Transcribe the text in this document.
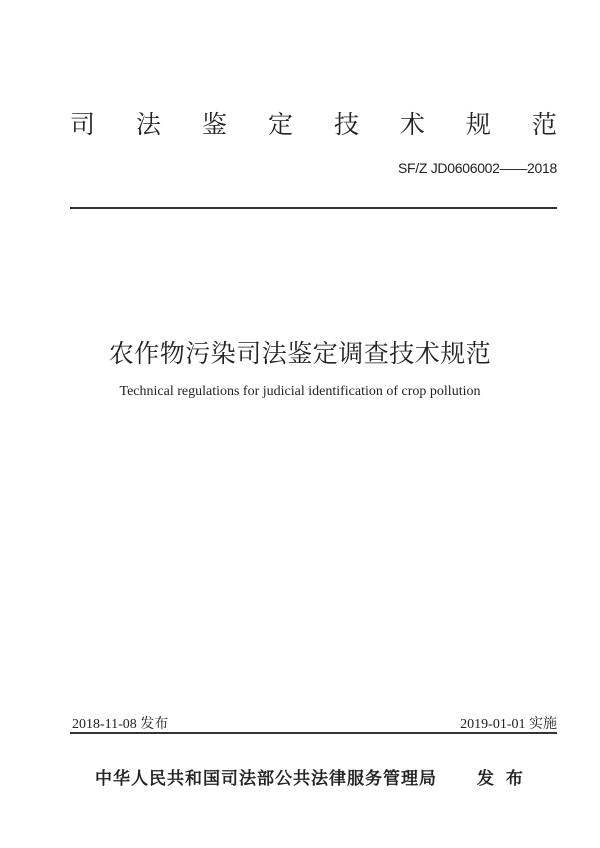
司 法 鉴 定 技 术 规 范
SF/Z JD0606002——2018
农作物污染司法鉴定调查技术规范
Technical regulations for judicial identification of crop pollution
2018-11-08 发布	2019-01-01 实施
中华人民共和国司法部公共法律服务管理局 发 布
